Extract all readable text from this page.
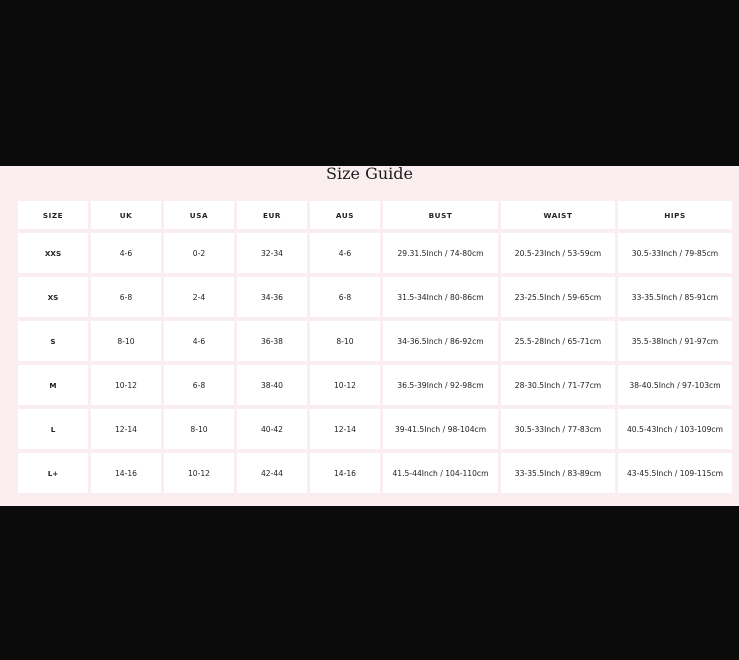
Size Guide
SIZE	UK	USA	EUR	AUS	BUST	WAIST	HIPS
XXS	4-6	0-2	32-34	4-6	29.31.5Inch / 74-80cm	20.5-23Inch / 53-59cm	30.5-33Inch / 79-85cm
XS	6-8	2-4	34-36	6-8	31.5-34Inch / 80-86cm	23-25.5Inch / 59-65cm	33-35.5Inch / 85-91cm
S	8-10	4-6	36-38	8-10	34-36.5Inch / 86-92cm	25.5-28Inch / 65-71cm	35.5-38Inch / 91-97cm
M	10-12	6-8	38-40	10-12	36.5-39Inch / 92-98cm	28-30.5Inch / 71-77cm	38-40.5Inch / 97-103cm
L	12-14	8-10	40-42	12-14	39-41.5Inch / 98-104cm	30.5-33Inch / 77-83cm	40.5-43Inch / 103-109cm
L+	14-16	10-12	42-44	14-16	41.5-44Inch / 104-110cm	33-35.5Inch / 83-89cm	43-45.5Inch / 109-115cm
